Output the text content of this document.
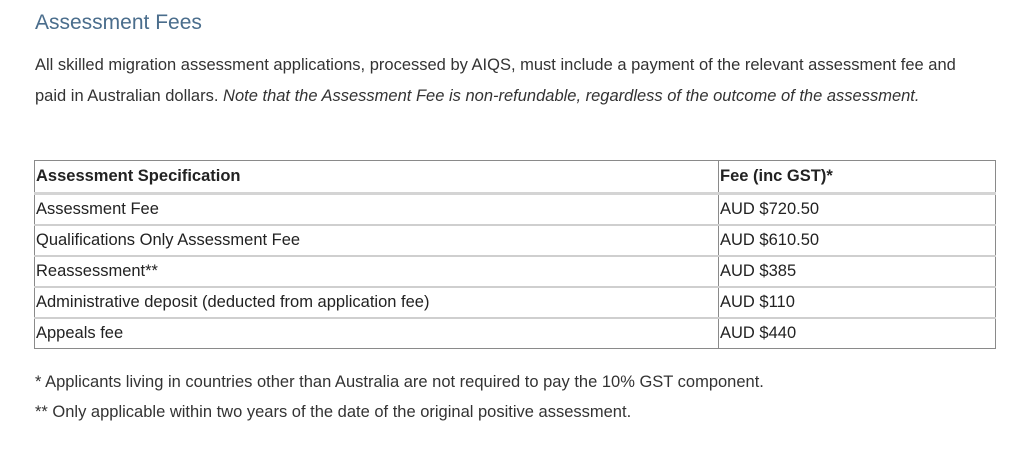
Assessment Fees

All skilled migration assessment applications, processed by AIQS, must include a payment of the relevant assessment fee and paid in Australian dollars. Note that the Assessment Fee is non-refundable, regardless of the outcome of the assessment.

Assessment Specification	Fee (inc GST)*
Assessment Fee	AUD $720.50
Qualifications Only Assessment Fee	AUD $610.50
Reassessment**	AUD $385
Administrative deposit (deducted from application fee)	AUD $110
Appeals fee	AUD $440

* Applicants living in countries other than Australia are not required to pay the 10% GST component.

** Only applicable within two years of the date of the original positive assessment.
